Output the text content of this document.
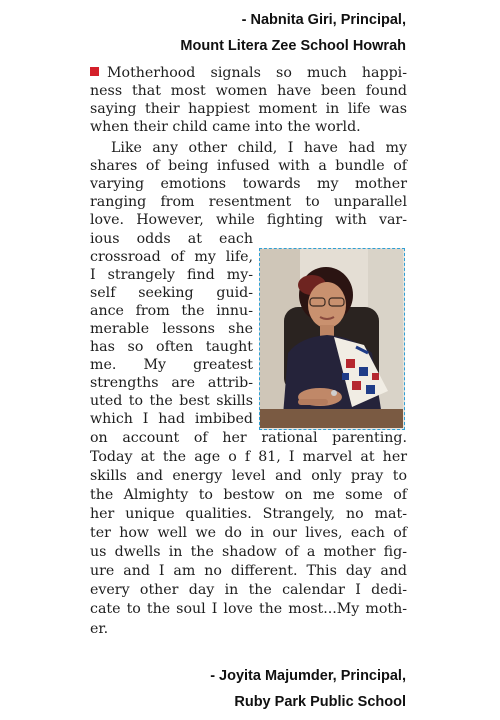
- Nabnita Giri, Principal,
Mount Litera Zee School Howrah
Motherhood signals so much happi-
ness that most women have been found
saying their happiest moment in life was
when their child came into the world.
Like any other child, I have had my
shares of being infused with a bundle of
varying emotions towards my mother
ranging from resentment to unparallel
love. However, while fighting with var-
ious odds at each
crossroad of my life,
I strangely find my-
self seeking guid-
ance from the innu-
merable lessons she
has so often taught
me. My greatest
strengths are attrib-
uted to the best skills
which I had imbibed
on account of her rational parenting.
Today at the age o f 81, I marvel at her
skills and energy level and only pray to
the Almighty to bestow on me some of
her unique qualities. Strangely, no mat-
ter how well we do in our lives, each of
us dwells in the shadow of a mother fig-
ure and I am no different. This day and
every other day in the calendar I dedi-
cate to the soul I love the most...My moth-
er.
- Joyita Majumder, Principal,
Ruby Park Public School
